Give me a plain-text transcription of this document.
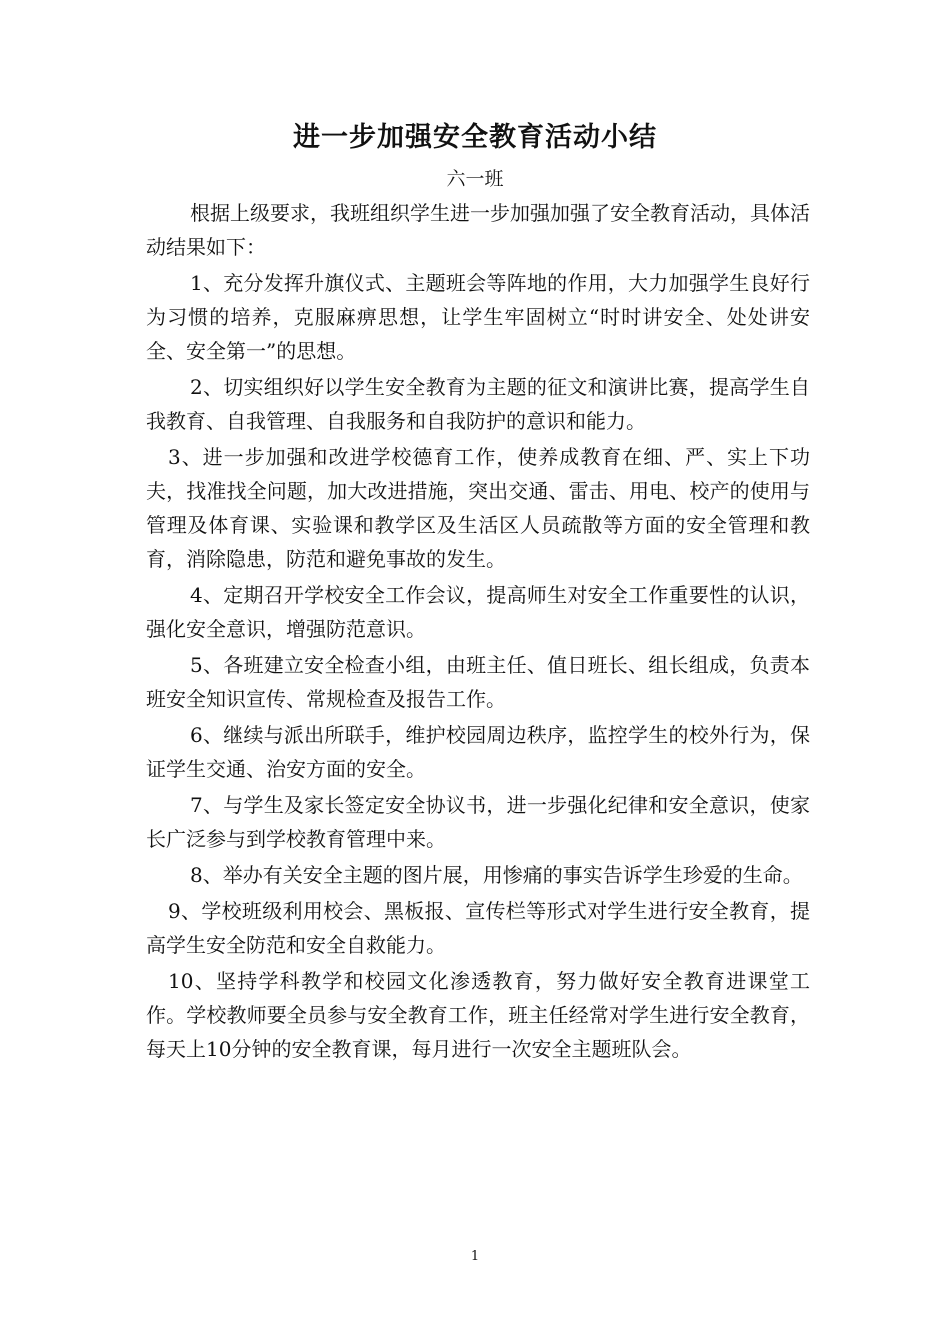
进一步加强安全教育活动小结
六一班

根据上级要求，我班组织学生进一步加强加强了安全教育活动，具体活动结果如下：

1、充分发挥升旗仪式、主题班会等阵地的作用，大力加强学生良好行为习惯的培养，克服麻痹思想，让学生牢固树立“时时讲安全、处处讲安全、安全第一”的思想。

2、切实组织好以学生安全教育为主题的征文和演讲比赛，提高学生自我教育、自我管理、自我服务和自我防护的意识和能力。

3、进一步加强和改进学校德育工作，使养成教育在细、严、实上下功夫，找准找全问题，加大改进措施，突出交通、雷击、用电、校产的使用与管理及体育课、实验课和教学区及生活区人员疏散等方面的安全管理和教育，消除隐患，防范和避免事故的发生。

4、定期召开学校安全工作会议，提高师生对安全工作重要性的认识，强化安全意识，增强防范意识。

5、各班建立安全检查小组，由班主任、值日班长、组长组成，负责本班安全知识宣传、常规检查及报告工作。

6、继续与派出所联手，维护校园周边秩序，监控学生的校外行为，保证学生交通、治安方面的安全。

7、与学生及家长签定安全协议书，进一步强化纪律和安全意识，使家长广泛参与到学校教育管理中来。

8、举办有关安全主题的图片展，用惨痛的事实告诉学生珍爱的生命。

9、学校班级利用校会、黑板报、宣传栏等形式对学生进行安全教育，提高学生安全防范和安全自救能力。

10、坚持学科教学和校园文化渗透教育，努力做好安全教育进课堂工作。学校教师要全员参与安全教育工作，班主任经常对学生进行安全教育，每天上10分钟的安全教育课，每月进行一次安全主题班队会。

1
